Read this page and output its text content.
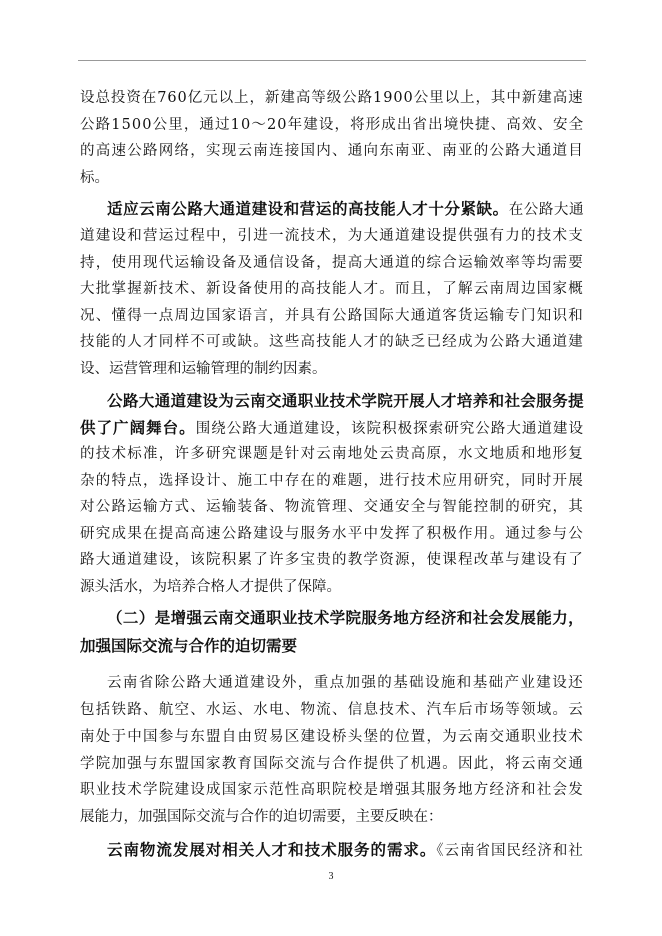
设总投资在760亿元以上，新建高等级公路1900公里以上，其中新建高速
公路1500公里，通过10～20年建设，将形成出省出境快捷、高效、安全
的高速公路网络，实现云南连接国内、通向东南亚、南亚的公路大通道目
标。
适应云南公路大通道建设和营运的高技能人才十分紧缺。在公路大通
道建设和营运过程中，引进一流技术，为大通道建设提供强有力的技术支
持，使用现代运输设备及通信设备，提高大通道的综合运输效率等均需要
大批掌握新技术、新设备使用的高技能人才。而且，了解云南周边国家概
况、懂得一点周边国家语言，并具有公路国际大通道客货运输专门知识和
技能的人才同样不可或缺。这些高技能人才的缺乏已经成为公路大通道建
设、运营管理和运输管理的制约因素。
公路大通道建设为云南交通职业技术学院开展人才培养和社会服务提
供了广阔舞台。围绕公路大通道建设，该院积极探索研究公路大通道建设
的技术标准，许多研究课题是针对云南地处云贵高原，水文地质和地形复
杂的特点，选择设计、施工中存在的难题，进行技术应用研究，同时开展
对公路运输方式、运输装备、物流管理、交通安全与智能控制的研究，其
研究成果在提高高速公路建设与服务水平中发挥了积极作用。通过参与公
路大通道建设，该院积累了许多宝贵的教学资源，使课程改革与建设有了
源头活水，为培养合格人才提供了保障。
（二）是增强云南交通职业技术学院服务地方经济和社会发展能力，
加强国际交流与合作的迫切需要
云南省除公路大通道建设外，重点加强的基础设施和基础产业建设还
包括铁路、航空、水运、水电、物流、信息技术、汽车后市场等领域。云
南处于中国参与东盟自由贸易区建设桥头堡的位置，为云南交通职业技术
学院加强与东盟国家教育国际交流与合作提供了机遇。因此，将云南交通
职业技术学院建设成国家示范性高职院校是增强其服务地方经济和社会发
展能力，加强国际交流与合作的迫切需要，主要反映在：
云南物流发展对相关人才和技术服务的需求。《云南省国民经济和社
3
